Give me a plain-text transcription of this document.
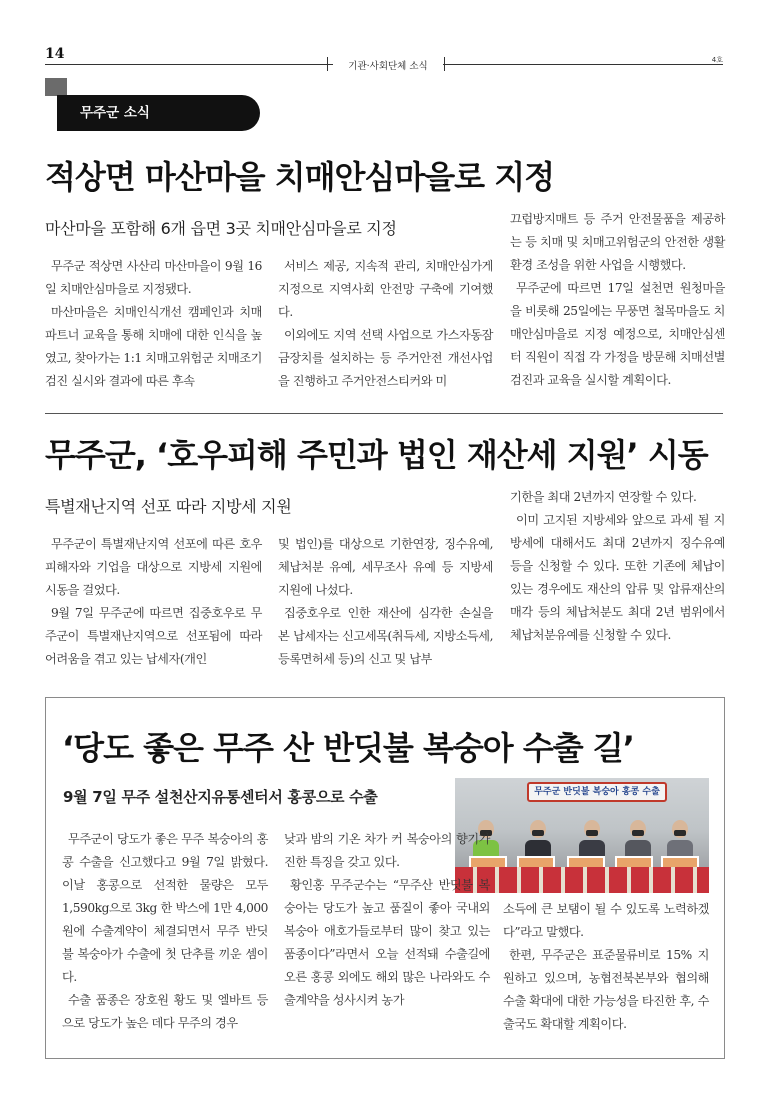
14
기관·사회단체 소식
4호
무주군 소식
적상면 마산마을 치매안심마을로 지정
마산마을 포함해 6개 읍면 3곳 치매안심마을로 지정

무주군 적상면 사산리 마산마을이 9월 16일 치매안심마을로 지정됐다.

마산마을은 치매인식개선 캠페인과 치매파트너 교육을 통해 치매에 대한 인식을 높였고, 찾아가는 1:1 치매고위험군 치매조기검진 실시와 결과에 따른 후속

서비스 제공, 지속적 관리, 치매안심가게 지정으로 지역사회 안전망 구축에 기여했다.

이외에도 지역 선택 사업으로 가스자동잠금장치를 설치하는 등 주거안전 개선사업을 진행하고 주거안전스티커와 미

끄럽방지매트 등 주거 안전물품을 제공하는 등 치매 및 치매고위험군의 안전한 생활환경 조성을 위한 사업을 시행했다.

무주군에 따르면 17일 설천면 원청마을을 비롯해 25일에는 무풍면 철목마을도 치매안심마을로 지정 예정으로, 치매안심센터 직원이 직접 각 가정을 방문해 치매선별검진과 교육을 실시할 계획이다.

무주군, ‘호우피해 주민과 법인 재산세 지원’ 시동
특별재난지역 선포 따라 지방세 지원

무주군이 특별재난지역 선포에 따른 호우피해자와 기업을 대상으로 지방세 지원에 시동을 걸었다.

9월 7일 무주군에 따르면 집중호우로 무주군이 특별재난지역으로 선포됨에 따라 어려움을 겪고 있는 납세자(개인

및 법인)를 대상으로 기한연장, 징수유예, 체납처분 유예, 세무조사 유예 등 지방세 지원에 나섰다.

집중호우로 인한 재산에 심각한 손실을 본 납세자는 신고세목(취득세, 지방소득세, 등록면허세 등)의 신고 및 납부

기한을 최대 2년까지 연장할 수 있다.

이미 고지된 지방세와 앞으로 과세 될 지방세에 대해서도 최대 2년까지 징수유예 등을 신청할 수 있다. 또한 기존에 체납이 있는 경우에도 재산의 압류 및 압류재산의 매각 등의 체납처분도 최대 2년 범위에서 체납처분유예를 신청할 수 있다.

‘당도 좋은 무주 산 반딧불 복숭아 수출 길’
9월 7일 무주 설천산지유통센터서 홍콩으로 수출	무주군 반딧불 복숭아 홍콩 수출

무주군이 당도가 좋은 무주 복숭아의 홍콩 수출을 신고했다고 9월 7일 밝혔다. 이날 홍콩으로 선적한 물량은 모두 1,590kg으로 3kg 한 박스에 1만 4,000원에 수출계약이 체결되면서 무주 반딧불 복숭아가 수출에 첫 단추를 끼운 셈이다.

수출 품종은 장호원 황도 및 엘바트 등으로 당도가 높은 데다 무주의 경우

낮과 밤의 기온 차가 커 복숭아의 향기가 진한 특징을 갖고 있다.

황인홍 무주군수는 “무주산 반딧불 복숭아는 당도가 높고 품질이 좋아 국내외 복숭아 애호가들로부터 많이 찾고 있는 품종이다”라면서 오늘 선적돼 수출길에 오른 홍콩 외에도 해외 많은 나라와도 수출계약을 성사시켜 농가

소득에 큰 보탬이 될 수 있도록 노력하겠다”라고 말했다.

한편, 무주군은 표준물류비로 15% 지원하고 있으며, 농협전북본부와 협의해 수출 확대에 대한 가능성을 타진한 후, 수출국도 확대할 계획이다.
